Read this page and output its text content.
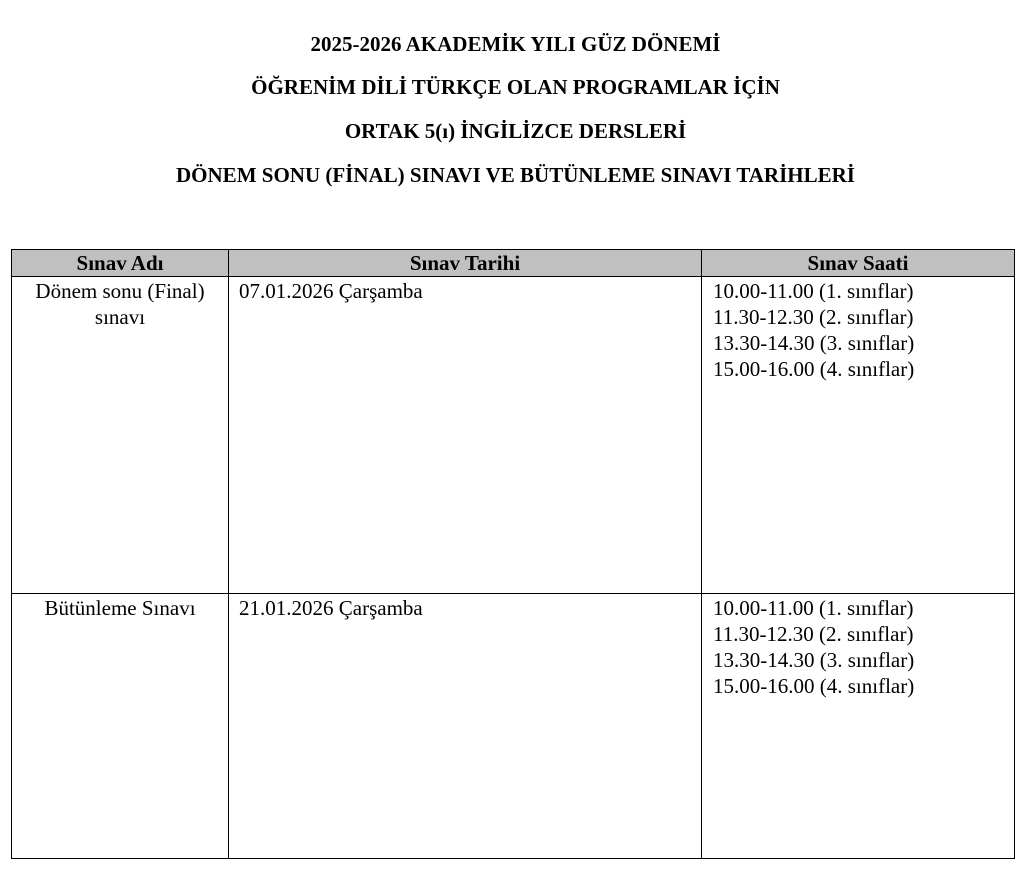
2025-2026 AKADEMİK YILI GÜZ DÖNEMİ
ÖĞRENİM DİLİ TÜRKÇE OLAN PROGRAMLAR İÇİN
ORTAK 5(ı) İNGİLİZCE DERSLERİ
DÖNEM SONU (FİNAL) SINAVI VE BÜTÜNLEME SINAVI TARİHLERİ
Sınav Adı	Sınav Tarihi	Sınav Saati

Dönem sonu (Final)
sınavı	07.01.2026 Çarşamba	10.00-11.00 (1. sınıflar)
11.30-12.30 (2. sınıflar)
13.30-14.30 (3. sınıflar)
15.00-16.00 (4. sınıflar)

Bütünleme Sınavı	21.01.2026 Çarşamba	10.00-11.00 (1. sınıflar)
11.30-12.30 (2. sınıflar)
13.30-14.30 (3. sınıflar)
15.00-16.00 (4. sınıflar)
